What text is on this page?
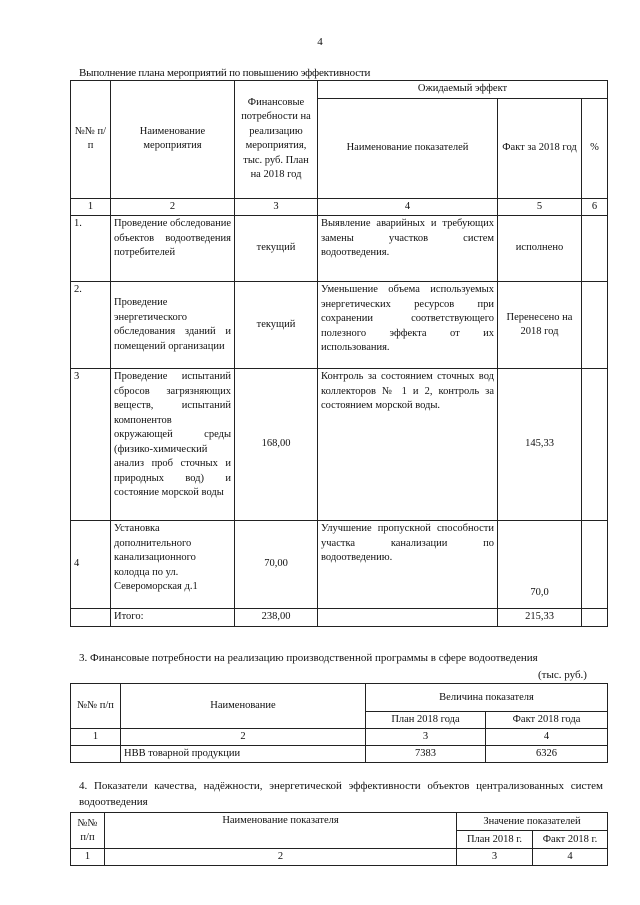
4
Выполнение плана мероприятий по повышению эффективности
№№ п/п	Наименование мероприятия	Финансовые потребности на реализацию мероприятия, тыс. руб. План на 2018 год	Ожидаемый эффект		
			Наименование показателей	Факт за 2018 год	%
1	2	3	4	5	6
1.	Проведение обследование объектов водоотведения потребителей	текущий	Выявление аварийных и требующих замены участков систем водоотведения.	исполнено	
2.	Проведение энергетического обследования зданий и помещений организации	текущий	Уменьшение объема используемых энергетических ресурсов при сохранении соответствующего полезного эффекта от их использования.	Перенесено на 2018 год	
3	Проведение испытаний сбросов загрязняющих веществ, испытаний компонентов окружающей среды (физико-химический анализ проб сточных и природных вод) и состояние морской воды	168,00	Контроль за состоянием сточных вод коллекторов № 1 и 2, контроль за состоянием морской воды.	145,33	
4	Установка дополнительного канализационного колодца по ул. Североморская д.1	70,00	Улучшение пропускной способности участка канализации по водоотведению.	70,0	
	Итого:	238,00		215,33	
3. Финансовые потребности на реализацию производственной программы в сфере водоотведения
(тыс. руб.)
№№ п/п	Наименование	Величина показателя	
		План 2018 года	Факт 2018 года
1	2	3	4
	НВВ товарной продукции	7383	6326
4. Показатели качества, надёжности, энергетической эффективности объектов централизованных систем водоотведения
№№ п/п	Наименование показателя	Значение показателей	
		План 2018 г.	Факт 2018 г.
1	2	3	4
